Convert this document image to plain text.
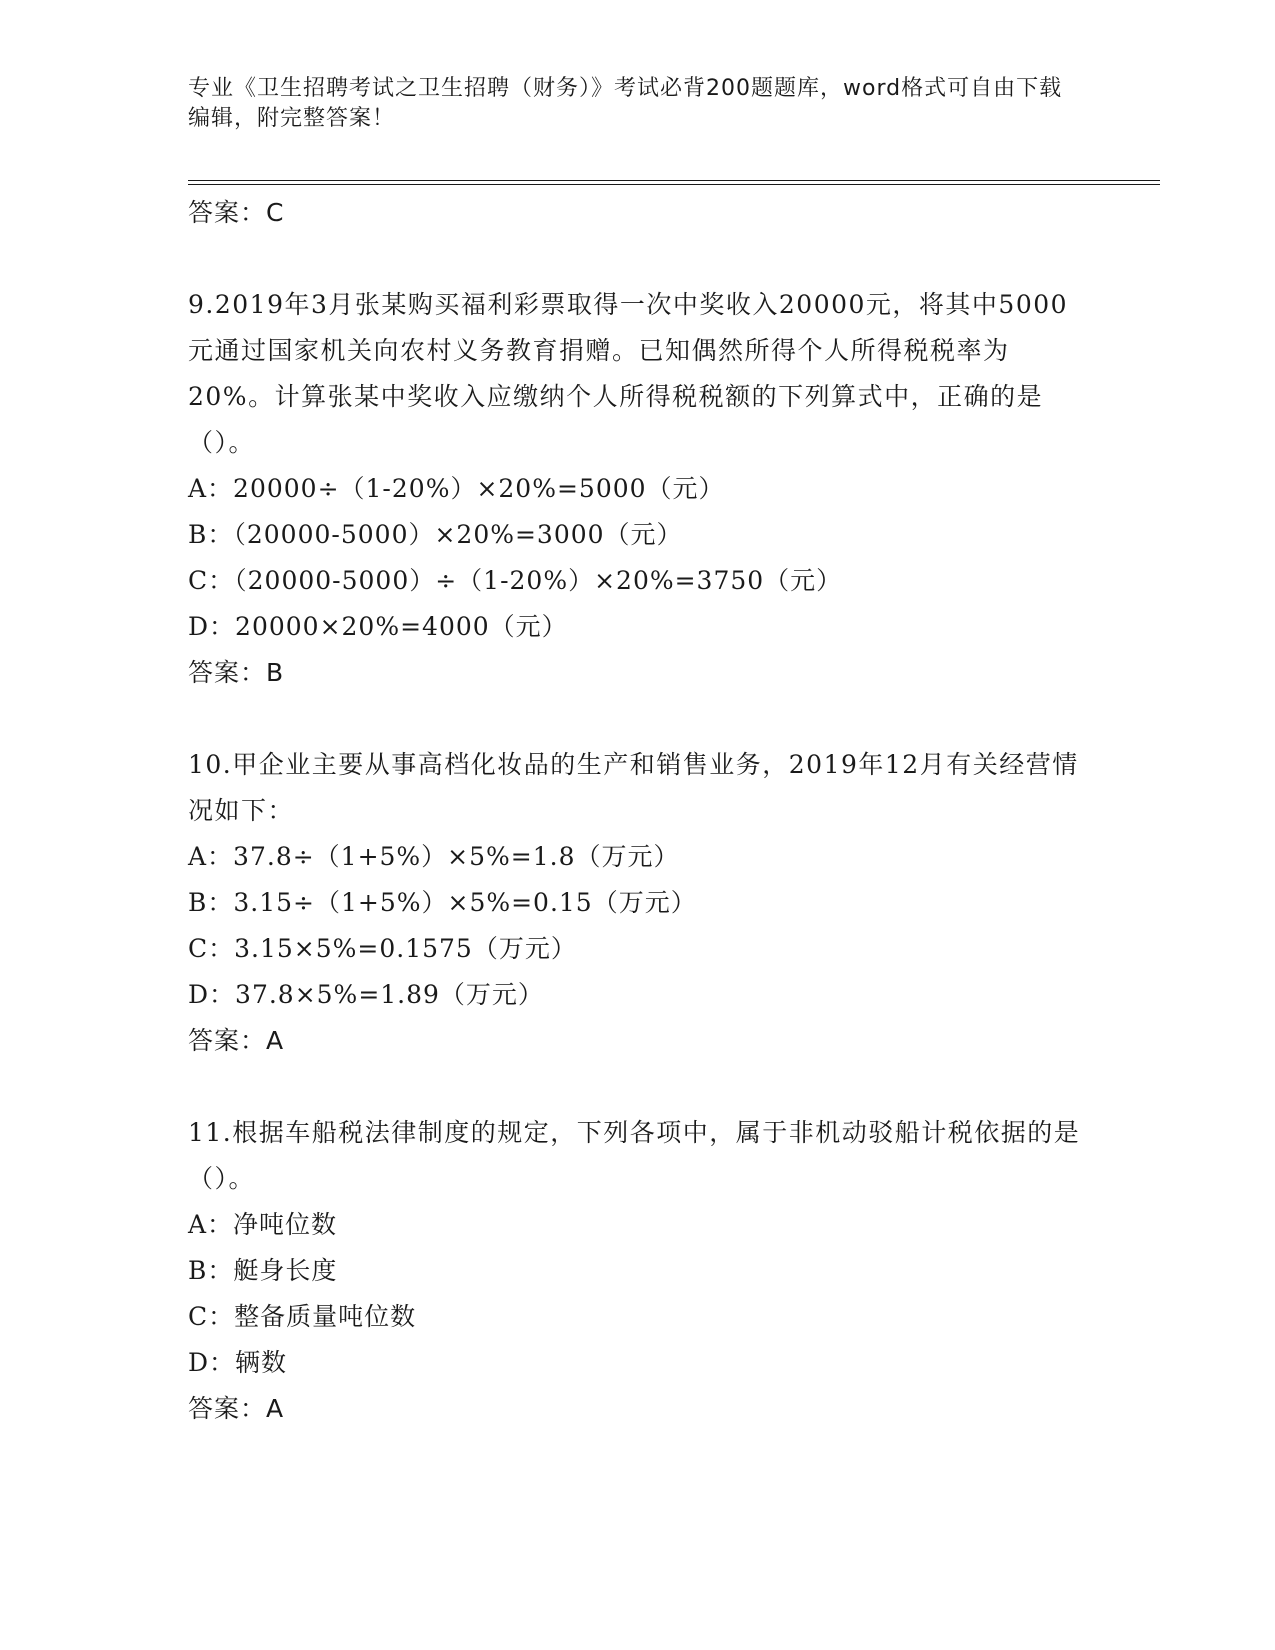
专业《卫生招聘考试之卫生招聘（财务）》考试必背200题题库，word格式可自由下载编辑，附完整答案！
答案：C
9.2019年3月张某购买福利彩票取得一次中奖收入20000元，将其中5000元通过国家机关向农村义务教育捐赠。已知偶然所得个人所得税税率为20%。计算张某中奖收入应缴纳个人所得税税额的下列算式中，正确的是（）。
A：20000÷（1-20%）×20%=5000（元）
B：（20000-5000）×20%=3000（元）
C：（20000-5000）÷（1-20%）×20%=3750（元）
D：20000×20%=4000（元）
答案：B
10.甲企业主要从事高档化妆品的生产和销售业务，2019年12月有关经营情况如下：
A：37.8÷（1+5%）×5%=1.8（万元）
B：3.15÷（1+5%）×5%=0.15（万元）
C：3.15×5%=0.1575（万元）
D：37.8×5%=1.89（万元）
答案：A
11.根据车船税法律制度的规定，下列各项中，属于非机动驳船计税依据的是（）。
A：净吨位数
B：艇身长度
C：整备质量吨位数
D：辆数
答案：A
